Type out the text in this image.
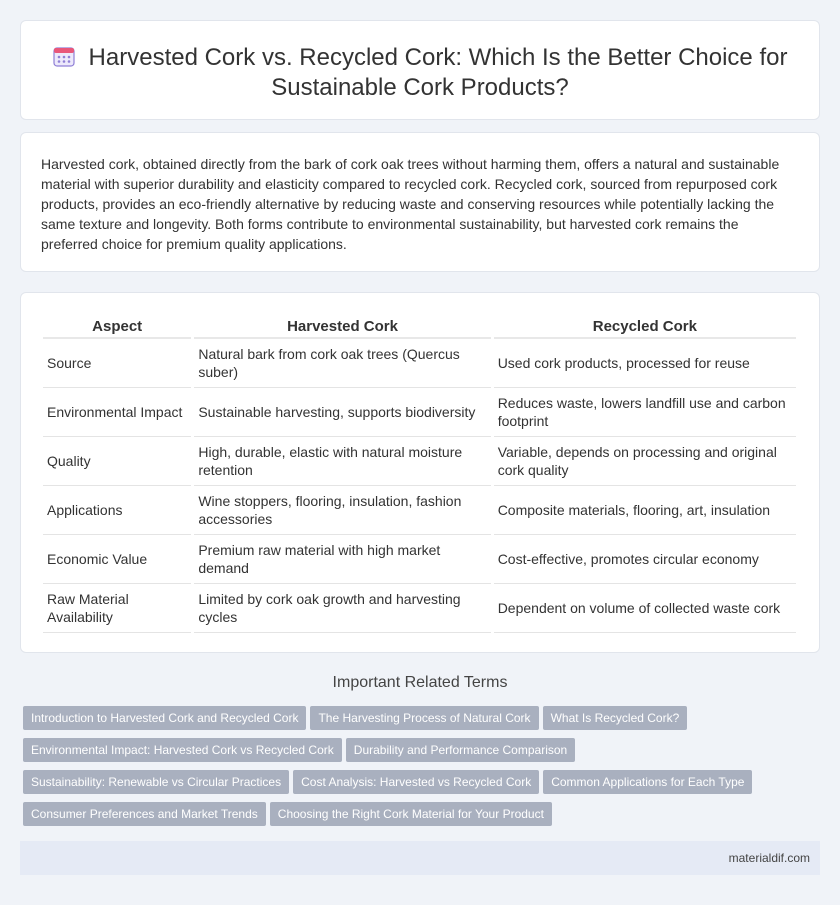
Harvested Cork vs. Recycled Cork: Which Is the Better Choice for
Sustainable Cork Products?

Harvested cork, obtained directly from the bark of cork oak trees without harming them, offers a natural and sustainable material with superior durability and elasticity compared to recycled cork. Recycled cork, sourced from repurposed cork products, provides an eco-friendly alternative by reducing waste and conserving resources while potentially lacking the same texture and longevity. Both forms contribute to environmental sustainability, but harvested cork remains the preferred choice for premium quality applications.

Aspect	Harvested Cork	Recycled Cork
Source	Natural bark from cork oak trees (Quercus suber)	Used cork products, processed for reuse
Environmental Impact	Sustainable harvesting, supports biodiversity	Reduces waste, lowers landfill use and carbon footprint
Quality	High, durable, elastic with natural moisture retention	Variable, depends on processing and original cork quality
Applications	Wine stoppers, flooring, insulation, fashion accessories	Composite materials, flooring, art, insulation
Economic Value	Premium raw material with high market demand	Cost-effective, promotes circular economy
Raw Material Availability	Limited by cork oak growth and harvesting cycles	Dependent on volume of collected waste cork
Important Related Terms
Introduction to Harvested Cork and Recycled Cork The Harvesting Process of Natural Cork What Is Recycled Cork?
Environmental Impact: Harvested Cork vs Recycled Cork Durability and Performance Comparison
Sustainability: Renewable vs Circular Practices Cost Analysis: Harvested vs Recycled Cork Common Applications for Each Type
Consumer Preferences and Market Trends Choosing the Right Cork Material for Your Product
materialdif.com
